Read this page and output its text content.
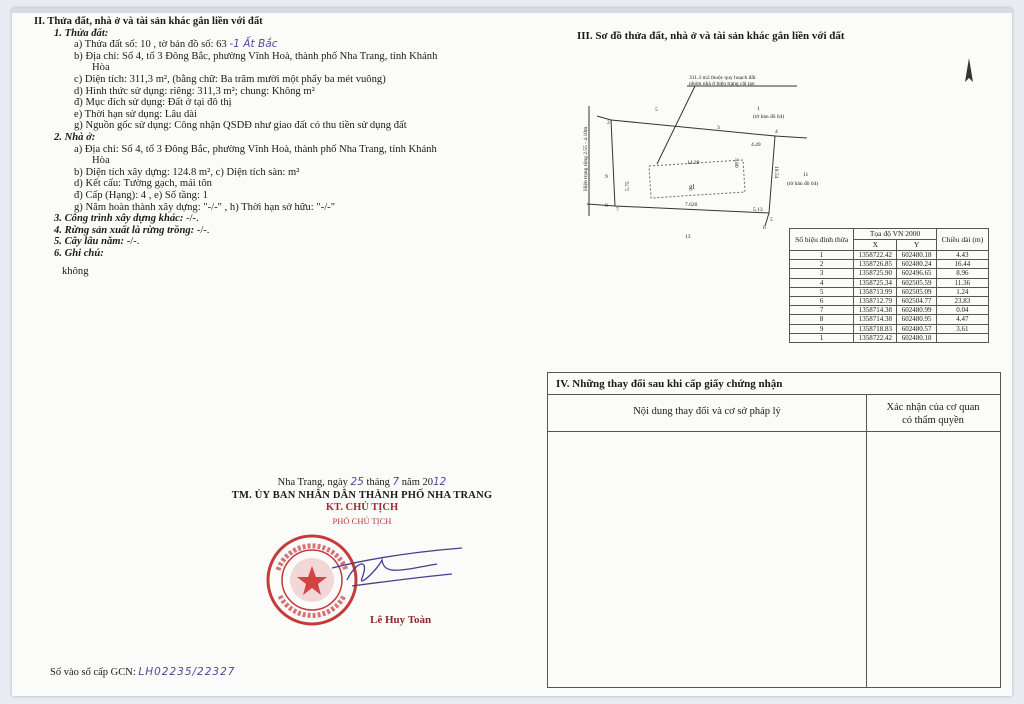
II. Thửa đất, nhà ở và tài sản khác gắn liền với đất
1. Thửa đất:
a) Thửa đất số: 10 , tờ bản đồ số: 63 -1 Ất Bắc
b) Địa chỉ: Số 4, tổ 3 Đông Bắc, phường Vĩnh Hoà, thành phố Nha Trang, tỉnh Khánh
Hòa
c) Diện tích: 311,3 m², (bằng chữ: Ba trăm mười một phẩy ba mét vuông)
d) Hình thức sử dụng: riêng: 311,3 m²; chung: Không m²
đ) Mục đích sử dụng: Đất ở tại đô thị
e) Thời hạn sử dụng: Lâu dài
g) Nguồn gốc sử dụng: Công nhận QSDĐ như giao đất có thu tiền sử dụng đất
2. Nhà ở:
a) Địa chỉ: Số 4, tổ 3 Đông Bắc, phường Vĩnh Hoà, thành phố Nha Trang, tỉnh Khánh
Hòa
b) Diện tích xây dựng: 124.8 m², c) Diện tích sàn: m²
d) Kết cấu: Tường gạch, mái tôn
đ) Cấp (Hạng): 4 , e) Số tầng: 1
g) Năm hoàn thành xây dựng: "-/-" , h) Thời hạn sở hữu: "-/-"
3. Công trình xây dựng khác: -/-.
4. Rừng sản xuất là rừng trồng: -/-.
5. Cây lâu năm: -/-.
6. Ghi chú:
không
Nha Trang, ngày 25 tháng 7 năm 2012
TM. ỦY BAN NHÂN DÂN THÀNH PHỐ NHA TRANG
KT. CHỦ TỊCH
PHÓ CHỦ TỊCH
Lê Huy Toàn
Số vào sổ cấp GCN: LH02235/22327
III. Sơ đồ thửa đất, nhà ở và tài sản khác gắn liền với đất
311.3 m2 thuộc quy hoạch đất
nhóm nhà ở hiện trạng cải tạo
Hiện trạng rộng 2.55 - 4.10m
5	1
(tờ bản đồ 64)
11
(tờ bản đồ 64)
13
gl
2
3
4
5
6
7
8
9
4.49
14.39	5.80
10.54
7.620
5.13
5.75
Số hiệu đỉnh thửa	Tọa độ VN 2000		Chiều dài (m)
	X	Y	
1	1358722.42	602480.18	4.43
2	1358726.85	602480.24	16.44
3	1358725.90	602496.65	8.96
4	1358725.34	602505.59	11.36
5	1358713.99	602505.09	1.24
6	1358712.79	602504.77	23.83
7	1358714.38	602480.99	0.04
8	1358714.38	602480.95	4.47
9	1358718.83	602480.57	3.61
1	1358722.42	602480.18	
IV. Những thay đổi sau khi cấp giấy chứng nhận
Nội dung thay đổi và cơ sở pháp lý	Xác nhận của cơ quan
có thẩm quyền
